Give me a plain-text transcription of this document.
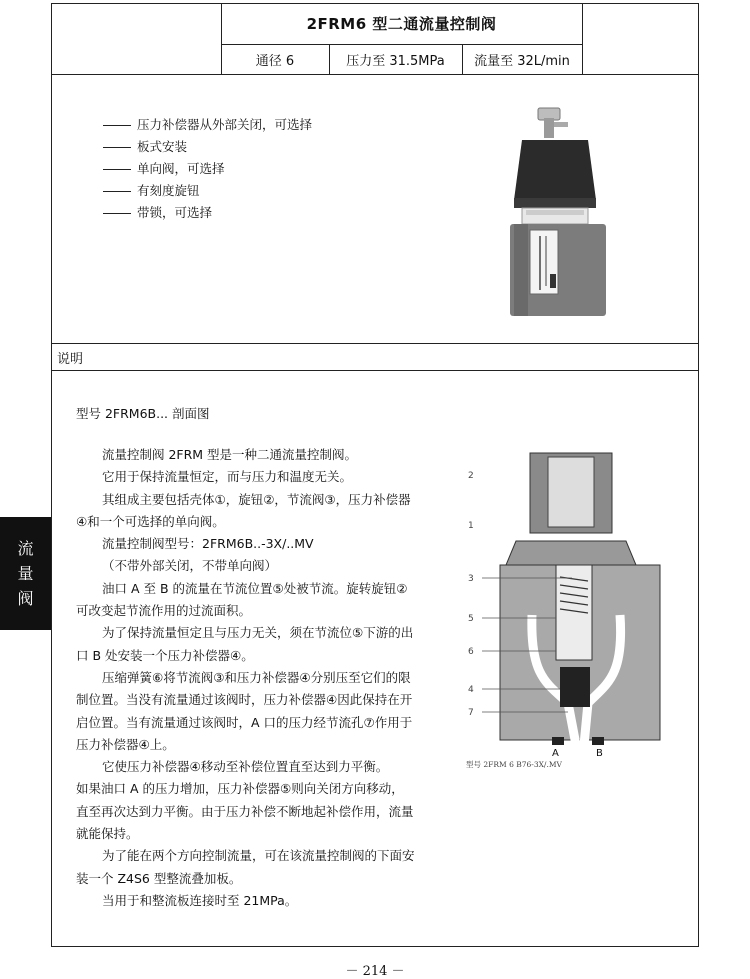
2FRM6 型二通流量控制阀
通径 6	压力至 31.5MPa	流量至 32L/min
压力补偿器从外部关闭，可选择
板式安装
单向阀，可选择
有刻度旋钮
带锁，可选择
说明
型号 2FRM6B... 剖面图

流量控制阀 2FRM 型是一种二通流量控制阀。

它用于保持流量恒定，而与压力和温度无关。

其组成主要包括壳体①，旋钮②，节流阀③，压力补偿器④和一个可选择的单向阀。

流量控制阀型号：2FRM6B..-3X/..MV

（不带外部关闭，不带单向阀）

油口 A 至 B 的流量在节流位置⑤处被节流。旋转旋钮②可改变起节流作用的过流面积。

为了保持流量恒定且与压力无关，须在节流位⑤下游的出口 B 处安装一个压力补偿器④。

压缩弹簧⑥将节流阀③和压力补偿器④分别压至它们的限制位置。当没有流量通过该阀时，压力补偿器④因此保持在开启位置。当有流量通过该阀时，A 口的压力经节流孔⑦作用于压力补偿器④上。

它使压力补偿器④移动至补偿位置直至达到力平衡。

如果油口 A 的压力增加，压力补偿器⑤则向关闭方向移动，直至再次达到力平衡。由于压力补偿不断地起补偿作用，流量就能保持。

为了能在两个方向控制流量，可在该流量控制阀的下面安装一个 Z4S6 型整流叠加板。

当用于和整流板连接时至 21MPa。

2
1
3
5
6
4
7
A	B
型号 2FRM 6 B76-3X/.MV
流
量
阀
－ 214 －
